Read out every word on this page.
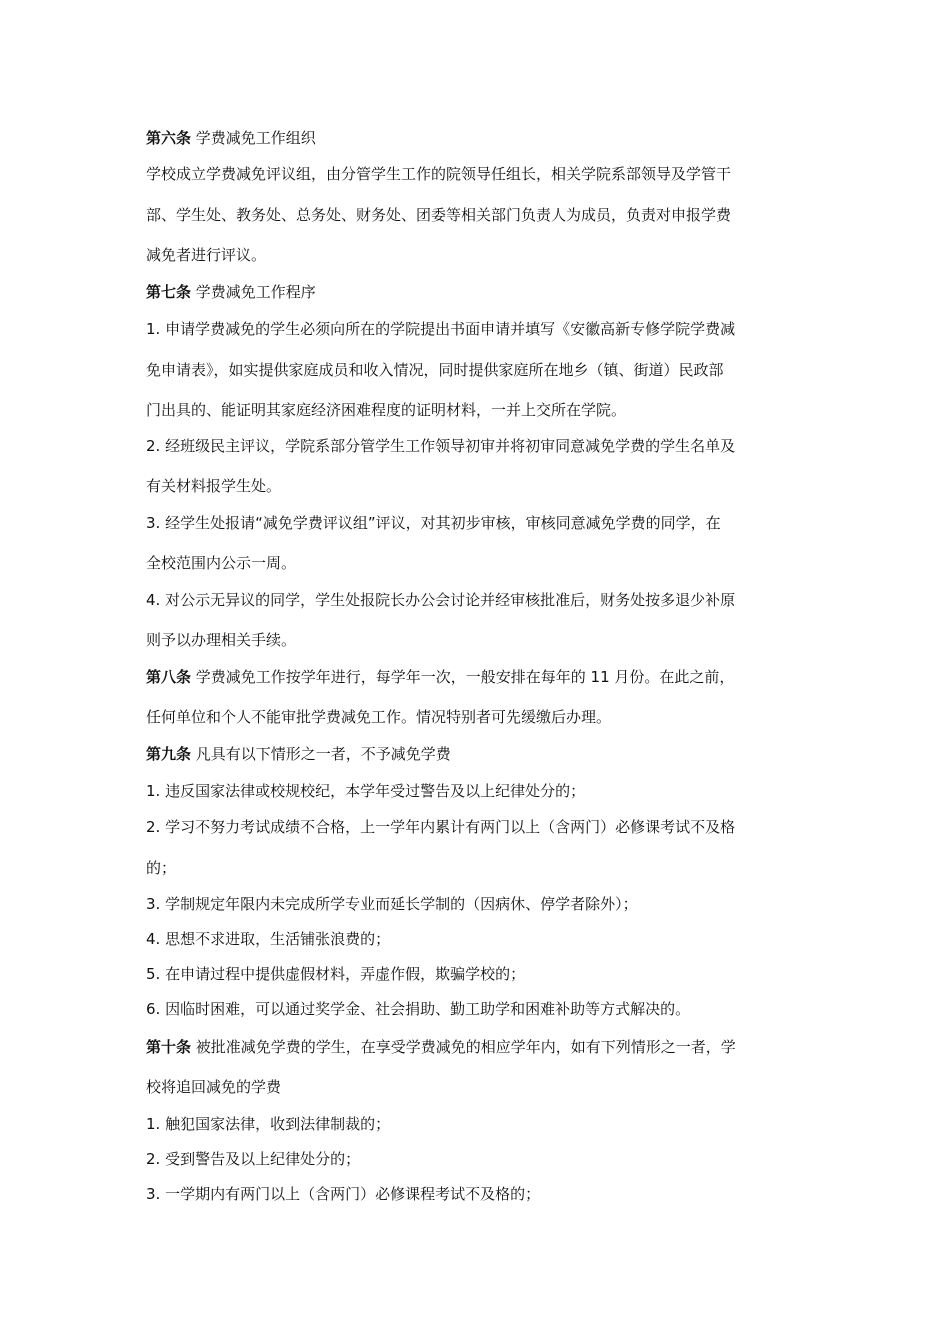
第六条 学费减免工作组织

学校成立学费减免评议组，由分管学生工作的院领导任组长，相关学院系部领导及学管干

部、学生处、教务处、总务处、财务处、团委等相关部门负责人为成员，负责对申报学费

减免者进行评议。

第七条 学费减免工作程序

1. 申请学费减免的学生必须向所在的学院提出书面申请并填写《安徽高新专修学院学费减

免申请表》，如实提供家庭成员和收入情况，同时提供家庭所在地乡（镇、街道）民政部

门出具的、能证明其家庭经济困难程度的证明材料，一并上交所在学院。

2. 经班级民主评议，学院系部分管学生工作领导初审并将初审同意减免学费的学生名单及

有关材料报学生处。

3. 经学生处报请“减免学费评议组”评议，对其初步审核，审核同意减免学费的同学，在

全校范围内公示一周。

4. 对公示无异议的同学，学生处报院长办公会讨论并经审核批准后，财务处按多退少补原

则予以办理相关手续。

第八条 学费减免工作按学年进行，每学年一次，一般安排在每年的 11 月份。在此之前，

任何单位和个人不能审批学费减免工作。情况特别者可先缓缴后办理。

第九条 凡具有以下情形之一者，不予减免学费

1. 违反国家法律或校规校纪，本学年受过警告及以上纪律处分的；

2. 学习不努力考试成绩不合格，上一学年内累计有两门以上（含两门）必修课考试不及格

的；

3. 学制规定年限内未完成所学专业而延长学制的（因病休、停学者除外）；

4. 思想不求进取，生活铺张浪费的；

5. 在申请过程中提供虚假材料，弄虚作假，欺骗学校的；

6. 因临时困难，可以通过奖学金、社会捐助、勤工助学和困难补助等方式解决的。

第十条 被批准减免学费的学生，在享受学费减免的相应学年内，如有下列情形之一者，学

校将追回减免的学费

1. 触犯国家法律，收到法律制裁的；

2. 受到警告及以上纪律处分的；

3. 一学期内有两门以上（含两门）必修课程考试不及格的；
